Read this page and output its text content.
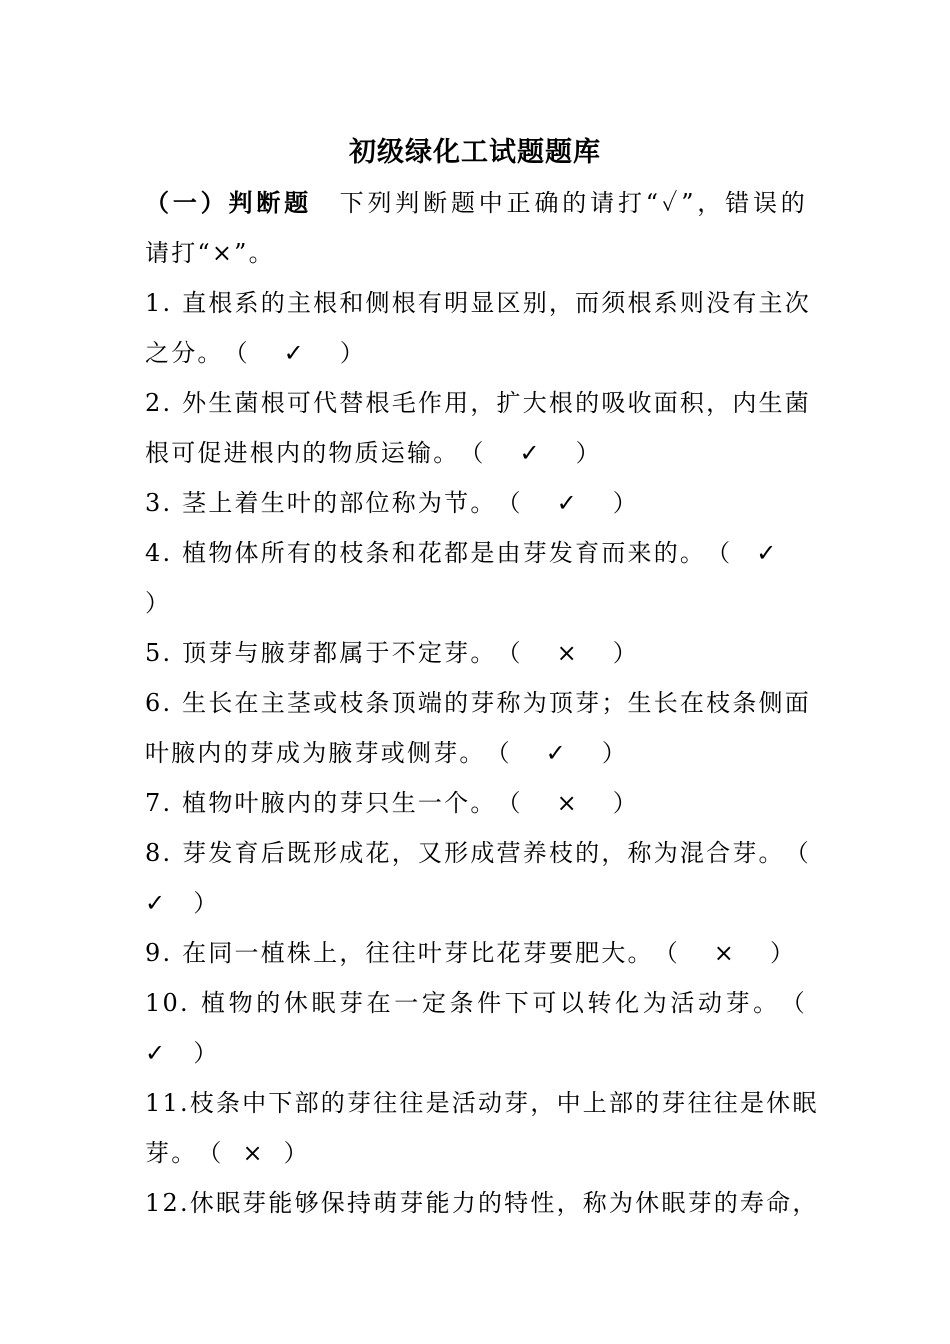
初级绿化工试题题库
（一）判断题 下列判断题中正确的请打“✓”，错误的
请打“×”。
1. 直根系的主根和侧根有明显区别，而须根系则没有主次
之分。（ ✓ ）
2. 外生菌根可代替根毛作用，扩大根的吸收面积，内生菌
根可促进根内的物质运输。（ ✓ ）
3. 茎上着生叶的部位称为节。（ ✓ ）
4. 植物体所有的枝条和花都是由芽发育而来的。（ ✓
）
5. 顶芽与腋芽都属于不定芽。（ × ）
6. 生长在主茎或枝条顶端的芽称为顶芽；生长在枝条侧面
叶腋内的芽成为腋芽或侧芽。（ ✓ ）
7. 植物叶腋内的芽只生一个。（ × ）
8. 芽发育后既形成花，又形成营养枝的，称为混合芽。（
✓ ）
9. 在同一植株上，往往叶芽比花芽要肥大。（ × ）
10. 植物的休眠芽在一定条件下可以转化为活动芽。（
✓ ）
11.枝条中下部的芽往往是活动芽，中上部的芽往往是休眠
芽。（ × ）
12.休眠芽能够保持萌芽能力的特性，称为休眠芽的寿命，
